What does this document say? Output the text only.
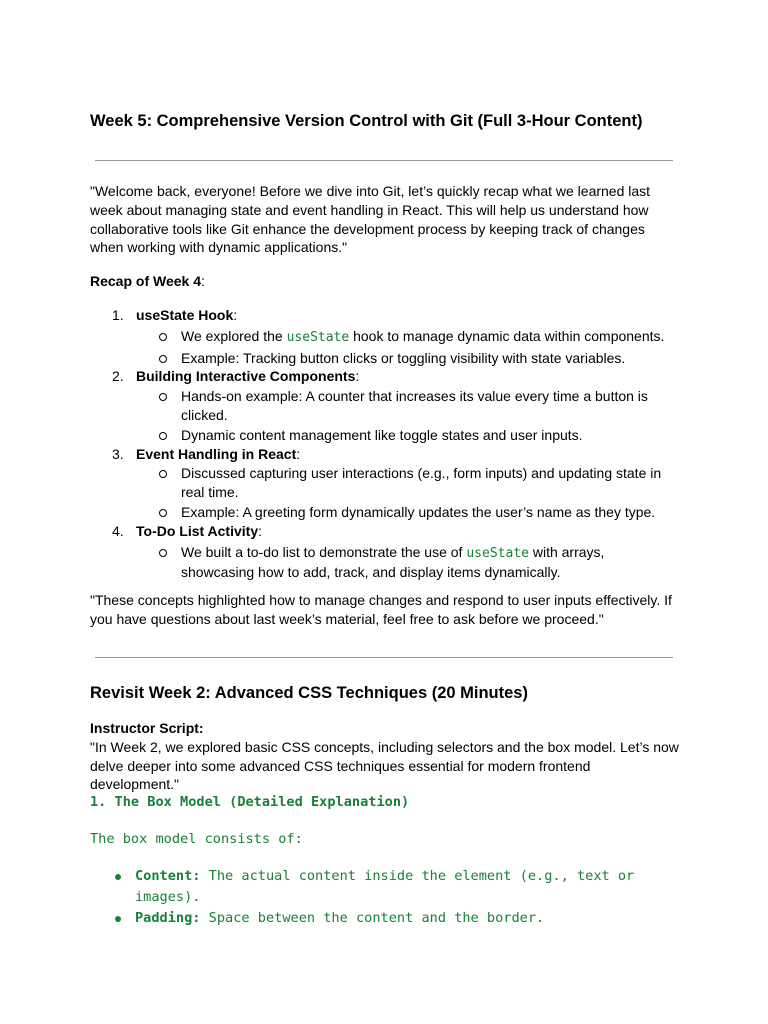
Week 5: Comprehensive Version Control with Git (Full 3-Hour Content)

"Welcome back, everyone! Before we dive into Git, let’s quickly recap what we learned last week about managing state and event handling in React. This will help us understand how collaborative tools like Git enhance the development process by keeping track of changes when working with dynamic applications."

Recap of Week 4:

1. useState Hook:
We explored the useState hook to manage dynamic data within components.
Example: Tracking button clicks or toggling visibility with state variables.
2. Building Interactive Components:
Hands-on example: A counter that increases its value every time a button is clicked.
Dynamic content management like toggle states and user inputs.
3. Event Handling in React:
Discussed capturing user interactions (e.g., form inputs) and updating state in real time.
Example: A greeting form dynamically updates the user’s name as they type.
4. To-Do List Activity:
We built a to-do list to demonstrate the use of useState with arrays, showcasing how to add, track, and display items dynamically.

"These concepts highlighted how to manage changes and respond to user inputs effectively. If you have questions about last week’s material, feel free to ask before we proceed."

Revisit Week 2: Advanced CSS Techniques (20 Minutes)

Instructor Script:

"In Week 2, we explored basic CSS concepts, including selectors and the box model. Let’s now delve deeper into some advanced CSS techniques essential for modern frontend development."

1. The Box Model (Detailed Explanation)

The box model consists of:

Content: The actual content inside the element (e.g., text or images).
Padding: Space between the content and the border.
